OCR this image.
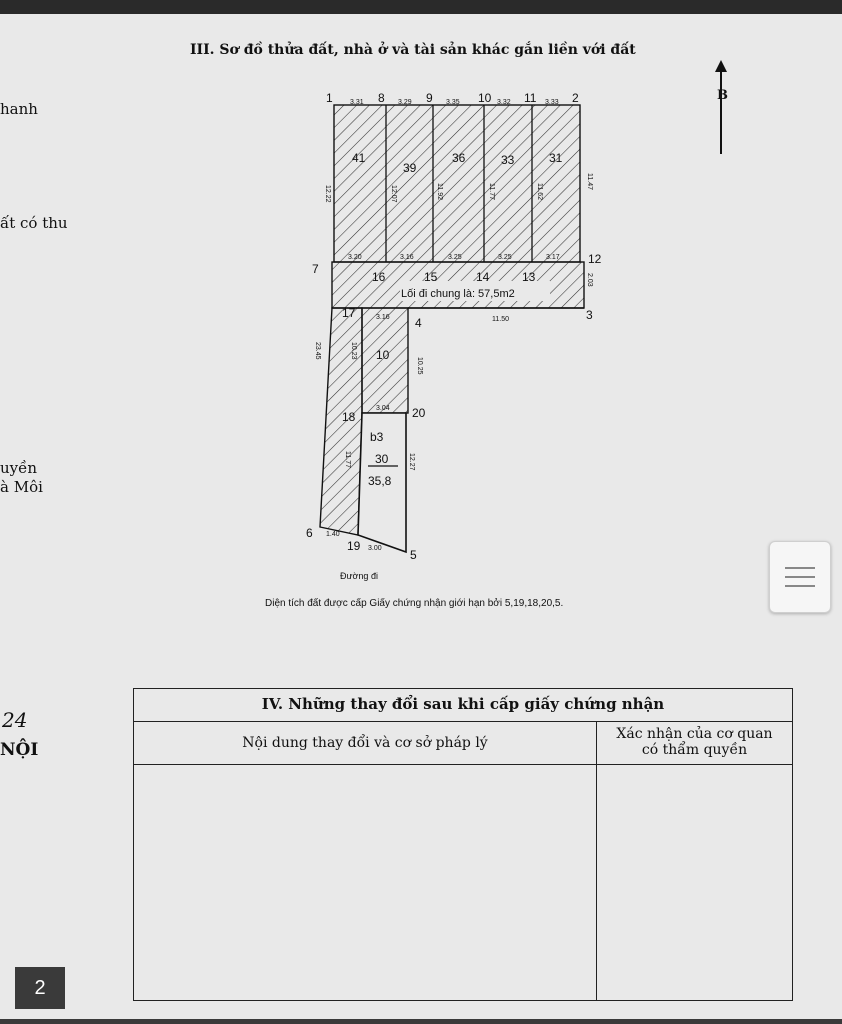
III. Sơ đồ thửa đất, nhà ở và tài sản khác gắn liền với đất
hanh
ất có thu
uyền
à Môi
24
NỘI
B
1	8	9	10	11	2
7
12
3
4
17
18	20
6
19
5
3.31	3.29	3.35	3.32	3.33
3.20	3.16	3.25	3.25	3.17
12.22	12.07	11.92	11.77	11.62
11.47
2.03
23.45	10.23
10.25
11.77	12.27
3.16	11.50
3.04
1.40
3.00
41
39
36	33	31
16	15	14	13
10
Lối đi chung là: 57,5m2
b3
30
35,8
Đường đi
Diện tích đất được cấp Giấy chứng nhận giới hạn bởi 5,19,18,20,5.
IV. Những thay đổi sau khi cấp giấy chứng nhận	
Nội dung thay đổi và cơ sở pháp lý	Xác nhận của cơ quan
có thẩm quyền

2
